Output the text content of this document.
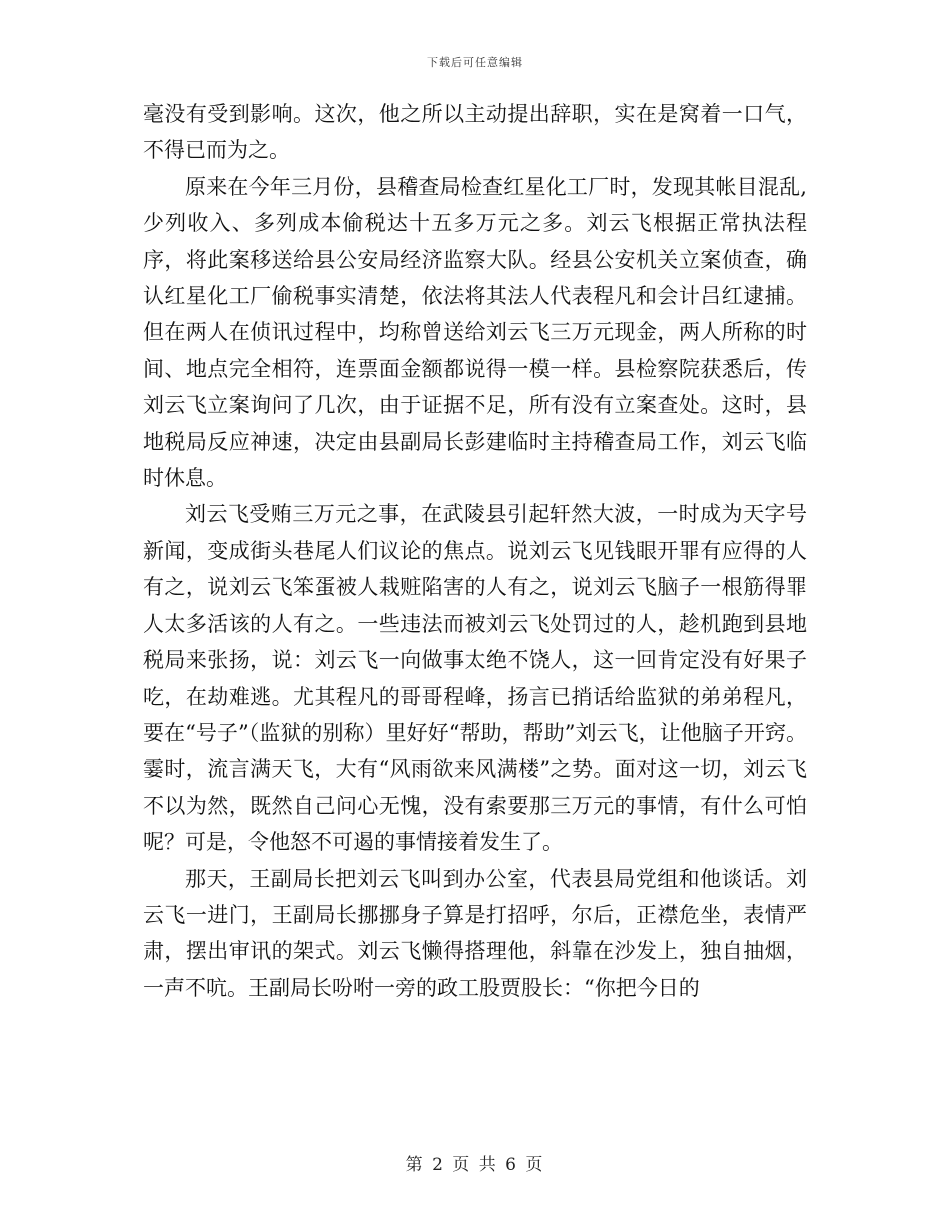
下载后可任意编辑

毫没有受到影响。这次，他之所以主动提出辞职，实在是窝着一口气，不得已而为之。

原来在今年三月份，县稽查局检查红星化工厂时，发现其帐目混乱,少列收入、多列成本偷税达十五多万元之多。刘云飞根据正常执法程序，将此案移送给县公安局经济监察大队。经县公安机关立案侦查，确认红星化工厂偷税事实清楚，依法将其法人代表程凡和会计吕红逮捕。但在两人在侦讯过程中，均称曾送给刘云飞三万元现金，两人所称的时间、地点完全相符，连票面金额都说得一模一样。县检察院获悉后，传刘云飞立案询问了几次，由于证据不足，所有没有立案查处。这时，县地税局反应神速，决定由县副局长彭建临时主持稽查局工作，刘云飞临时休息。

刘云飞受贿三万元之事，在武陵县引起轩然大波，一时成为天字号新闻，变成街头巷尾人们议论的焦点。说刘云飞见钱眼开罪有应得的人有之，说刘云飞笨蛋被人栽赃陷害的人有之，说刘云飞脑子一根筋得罪人太多活该的人有之。一些违法而被刘云飞处罚过的人，趁机跑到县地税局来张扬，说：刘云飞一向做事太绝不饶人，这一回肯定没有好果子吃，在劫难逃。尤其程凡的哥哥程峰，扬言已捎话给监狱的弟弟程凡，要在“号子”（监狱的别称）里好好“帮助，帮助”刘云飞，让他脑子开窍。霎时，流言满天飞，大有“风雨欲来风满楼”之势。面对这一切，刘云飞不以为然，既然自己问心无愧，没有索要那三万元的事情，有什么可怕呢？可是，令他怒不可遏的事情接着发生了。

那天，王副局长把刘云飞叫到办公室，代表县局党组和他谈话。刘云飞一进门，王副局长挪挪身子算是打招呼，尔后，正襟危坐，表情严肃，摆出审讯的架式。刘云飞懒得搭理他，斜靠在沙发上，独自抽烟，一声不吭。王副局长吩咐一旁的政工股贾股长：“你把今日的

第 2 页 共 6 页
